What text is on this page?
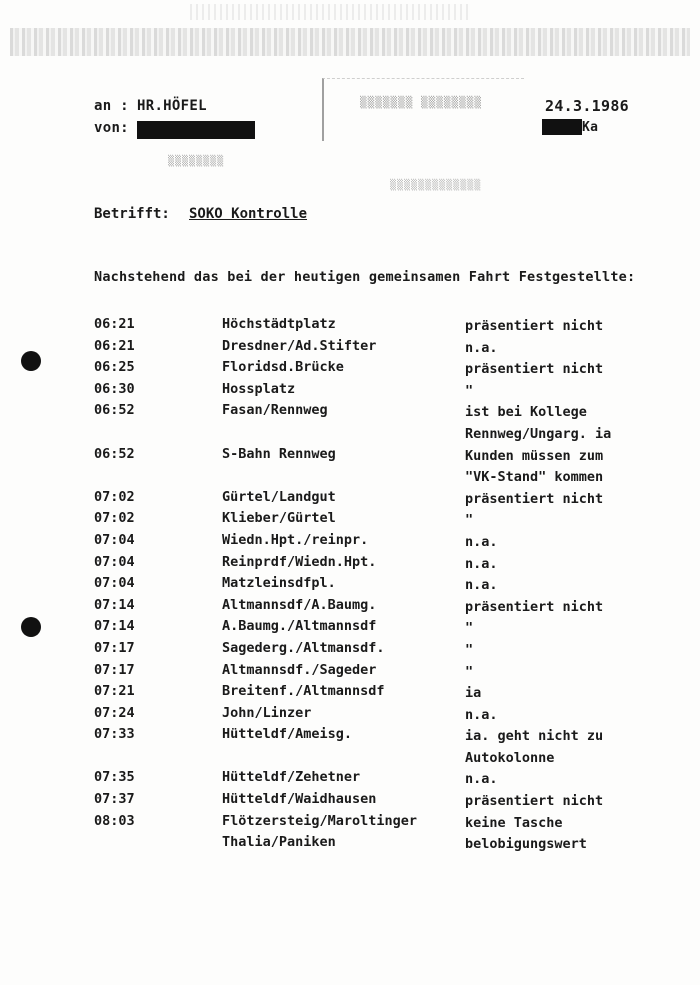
▒▒▒▒▒▒▒ ▒▒▒▒▒▒▒▒
▒▒▒▒▒▒▒▒
▒▒▒▒▒▒▒▒▒▒▒▒▒
an : HR.HÖFEL
von:
24.3.1986
Ka
Betrifft: SOKO Kontrolle
Nachstehend das bei der heutigen gemeinsamen Fahrt Festgestellte:
06:21	Höchstädtplatz	präsentiert nicht
06:21	Dresdner/Ad.Stifter	n.a.
06:25	Floridsd.Brücke	präsentiert nicht
06:30	Hossplatz	"
06:52	Fasan/Rennweg	ist bei Kollege
Rennweg/Ungarg. ia
06:52	S-Bahn Rennweg	Kunden müssen zum
"VK-Stand" kommen
07:02	Gürtel/Landgut	präsentiert nicht
07:02	Klieber/Gürtel	"
07:04	Wiedn.Hpt./reinpr.	n.a.
07:04	Reinprdf/Wiedn.Hpt.	n.a.
07:04	Matzleinsdfpl.	n.a.
07:14	Altmannsdf/A.Baumg.	präsentiert nicht
07:14	A.Baumg./Altmannsdf	"
07:17	Sagederg./Altmansdf.	"
07:17	Altmannsdf./Sageder	"
07:21	Breitenf./Altmannsdf	ia
07:24	John/Linzer	n.a.
07:33	Hütteldf/Ameisg.	ia. geht nicht zu
Autokolonne
07:35	Hütteldf/Zehetner	n.a.
07:37	Hütteldf/Waidhausen	präsentiert nicht
08:03	Flötzersteig/Maroltinger	keine Tasche
Thalia/Paniken	belobigungswert
